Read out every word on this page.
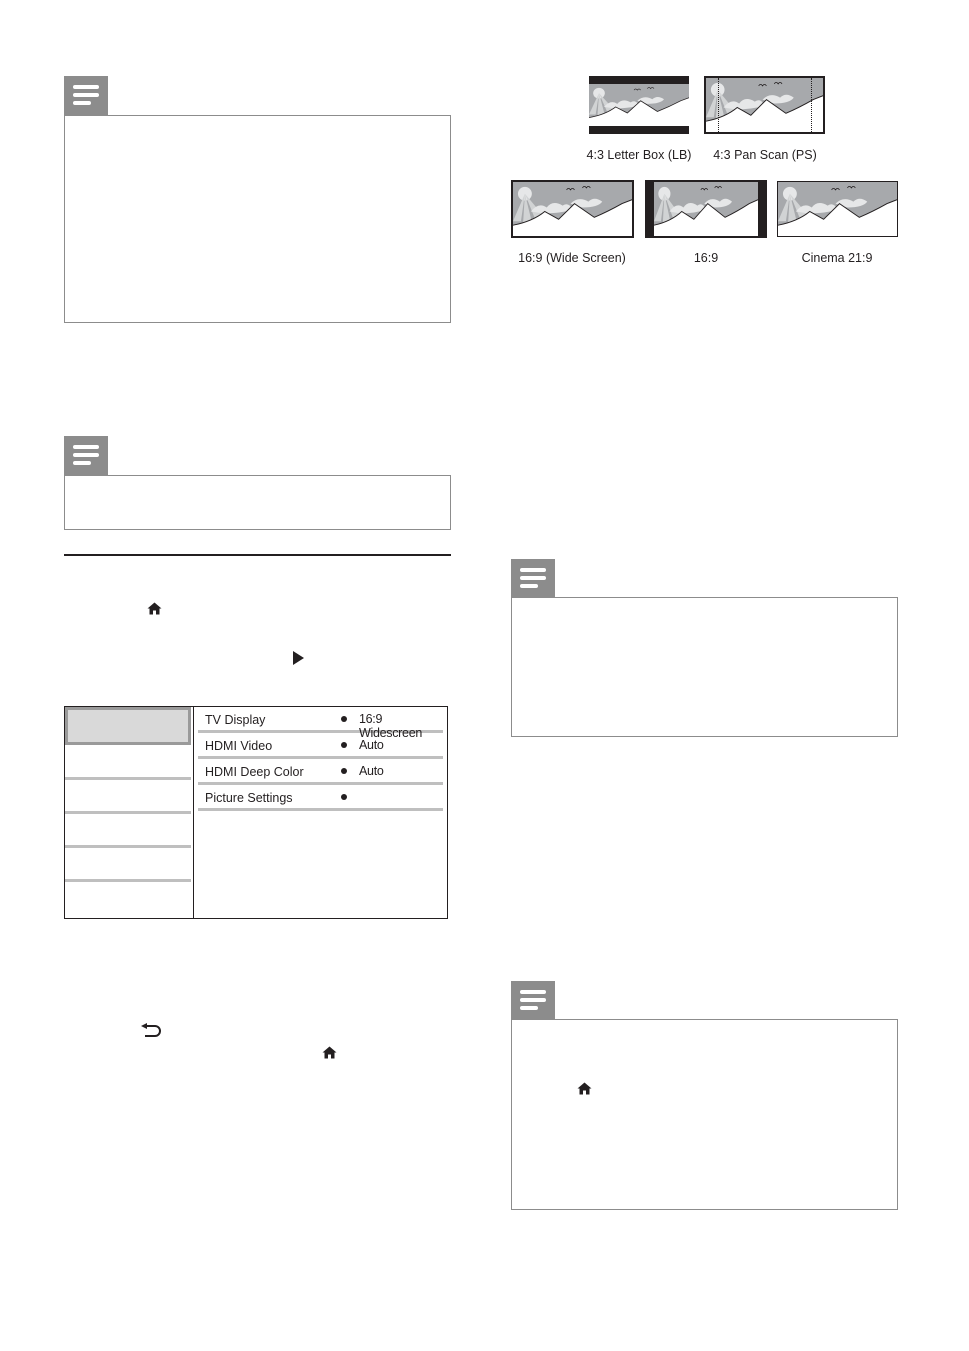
TV Display	16:9 Widescreen
HDMI Video	Auto
HDMI Deep Color	Auto
Picture Settings
4:3 Letter Box (LB)	4:3 Pan Scan (PS)
16:9 (Wide Screen)	16:9	Cinema 21:9
